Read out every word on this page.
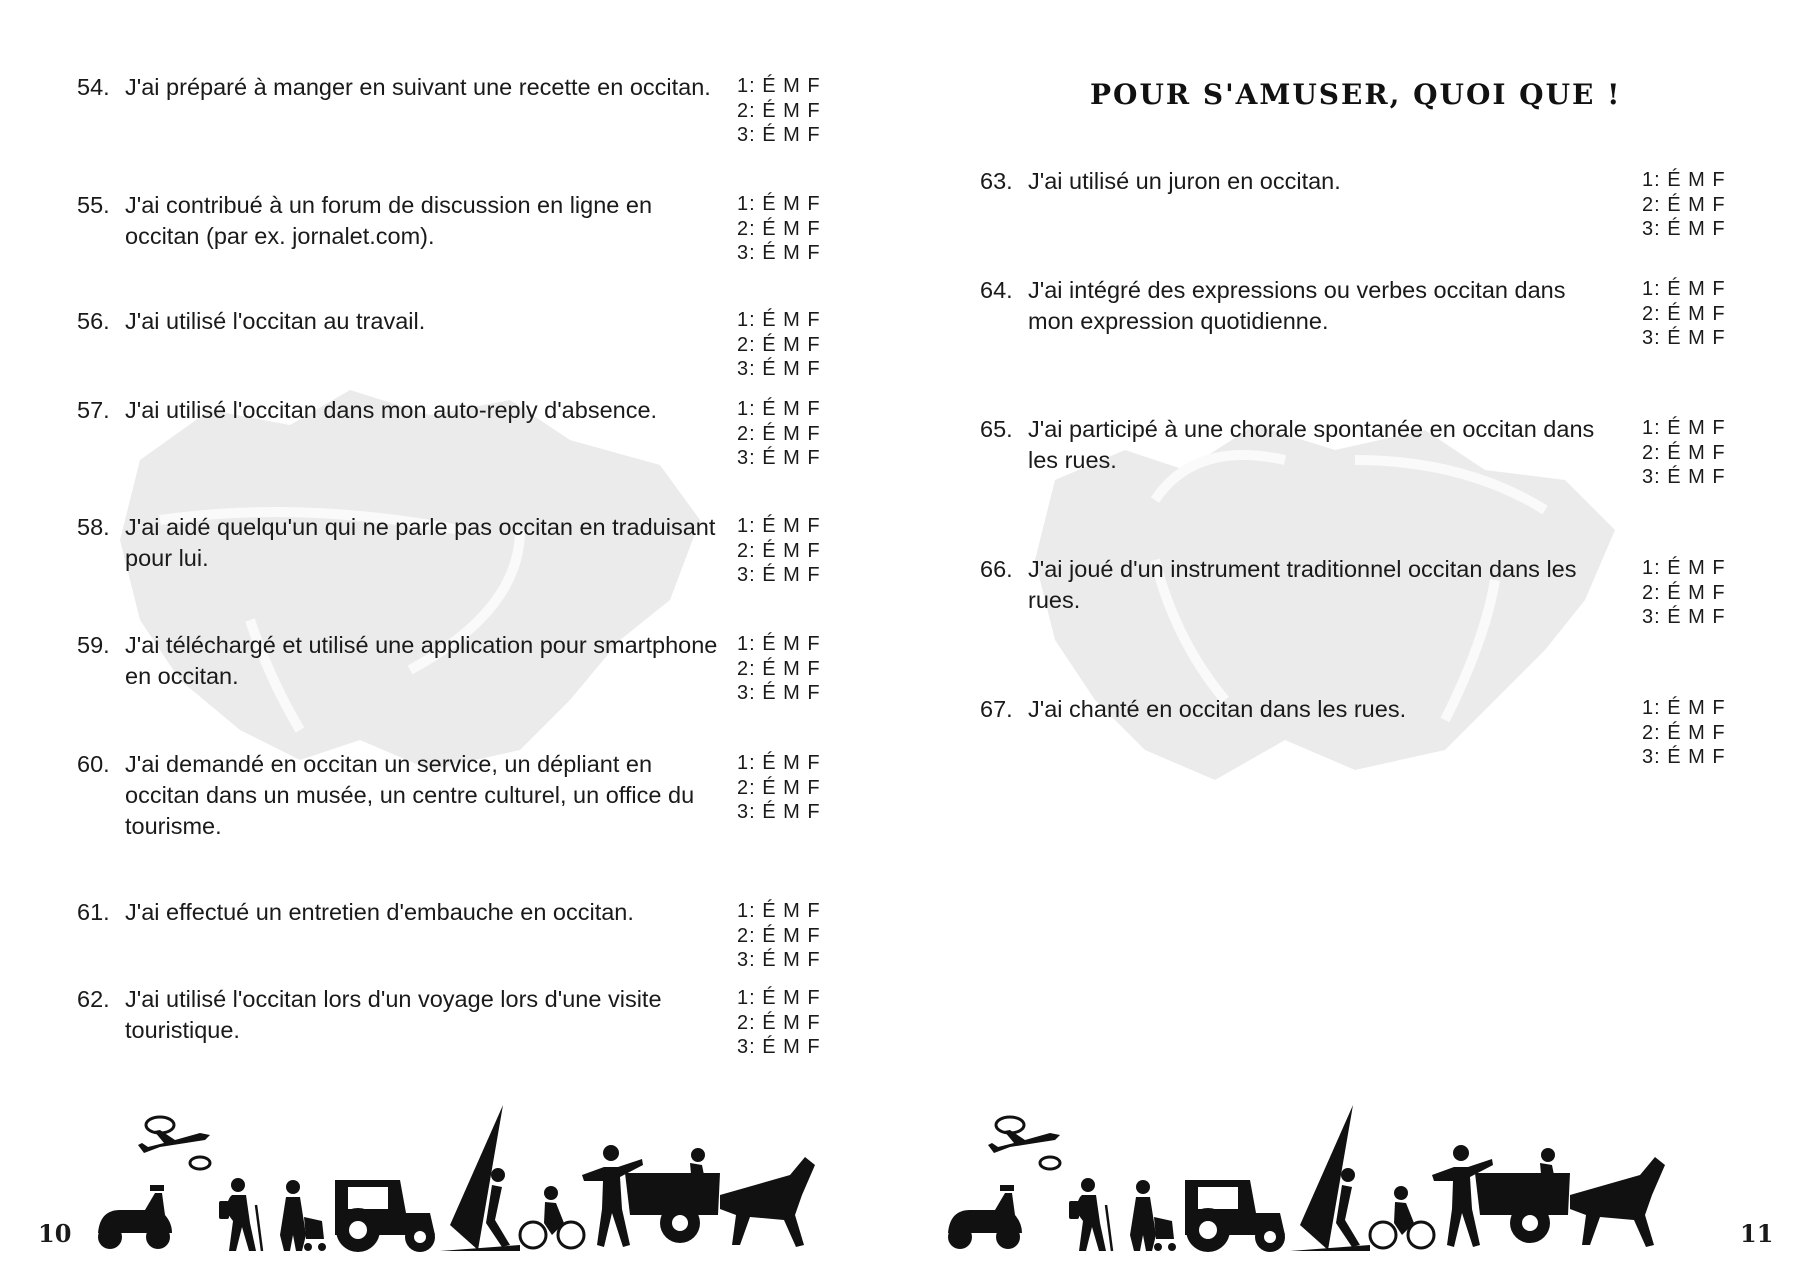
54. J'ai préparé à manger en suivant une recette en occitan.	1: É M F
2: É M F
3: É M F
55. J'ai contribué à un forum de discussion en ligne en occitan (par ex. jornalet.com).
1: É M F
2: É M F
3: É M F
56. J'ai utilisé l'occitan au travail.	1: É M F
2: É M F
3: É M F
57. J'ai utilisé l'occitan dans mon auto-reply d'absence.	1: É M F
2: É M F
3: É M F
58. J'ai aidé quelqu'un qui ne parle pas occitan en traduisant pour lui.
1: É M F
2: É M F
3: É M F
59. J'ai téléchargé et utilisé une application pour smartphone en occitan.
1: É M F
2: É M F
3: É M F
60. J'ai demandé en occitan un service, un dépliant en occitan dans un musée, un centre culturel, un office du tourisme.
1: É M F
2: É M F
3: É M F
61. J'ai effectué un entretien d'embauche en occitan.	1: É M F
2: É M F
3: É M F
62. J'ai utilisé l'occitan lors d'un voyage lors d'une visite touristique.
1: É M F
2: É M F
3: É M F
10
POUR S'AMUSER, QUOI QUE !
63. J'ai utilisé un juron en occitan.	1: É M F
2: É M F
3: É M F
64. J'ai intégré des expressions ou verbes occitan dans mon expression quotidienne.
1: É M F
2: É M F
3: É M F
65. J'ai participé à une chorale spontanée en occitan dans les rues.
1: É M F
2: É M F
3: É M F
66. J'ai joué d'un instrument traditionnel occitan dans les rues.
1: É M F
2: É M F
3: É M F
67. J'ai chanté en occitan dans les rues.	1: É M F
2: É M F
3: É M F
11
